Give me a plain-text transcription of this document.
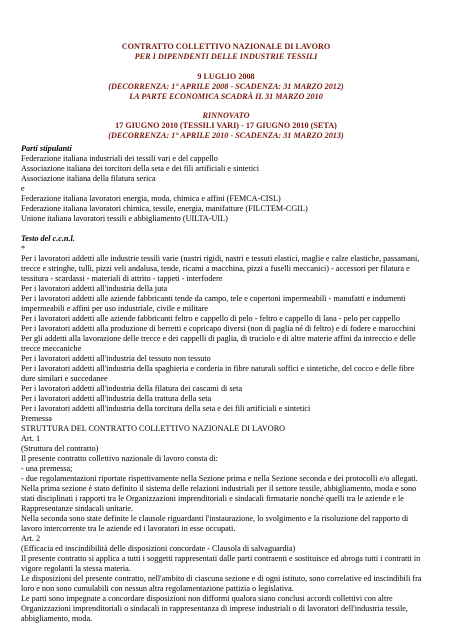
CONTRATTO COLLETTIVO NAZIONALE DI LAVORO
PER I DIPENDENTI DELLE INDUSTRIE TESSILI
9 LUGLIO 2008
(DECORRENZA: 1° APRILE 2008 - SCADENZA: 31 MARZO 2012)
LA PARTE ECONOMICA SCADRÀ IL 31 MARZO 2010
RINNOVATO
17 GIUGNO 2010 (TESSILI VARI) - 17 GIUGNO 2010 (SETA)
(DECORRENZA: 1° APRILE 2010 - SCADENZA: 31 MARZO 2013)
Parti stipulanti
Federazione italiana industriali dei tessili vari e del cappello
Associazione italiana dei torcitori della seta e dei fili artificiali e sintetici
Associazione italiana della filatura serica
e
Federazione italiana lavoratori energia, moda, chimica e affini (FEMCA-CISL)
Federazione italiana lavoratori chimica, tessile, energia, manifatture (FILCTEM-CGIL)
Unione italiana lavoratori tessili e abbigliamento (UILTA-UIL)
Testo del c.c.n.l.
*
Per i lavoratori addetti alle industrie tessili varie (nastri rigidi, nastri e tessuti elastici, maglie e calze elastiche, passamani,
trecce e stringhe, tulli, pizzi veli andalusa, tende, ricami a macchina, pizzi a fuselli meccanici) - accessori per filatura e
tessitura - scardassi - materiali di attrito - tappeti - interfodere
Per i lavoratori addetti all'industria della juta
Per i lavoratori addetti alle aziende fabbricanti tende da campo, tele e copertoni impermeabili - manufatti e indumenti
impermeabili e affini per uso industriale, civile e militare
Per i lavoratori addetti alle aziende fabbricanti feltro e cappello di pelo - feltro e cappello di lana - pelo per cappello
Per i lavoratori addetti alla produzione di berretti e copricapo diversi (non di paglia né di feltro) e di fodere e marocchini
Per gli addetti alla lavorazione delle trecce e dei cappelli di paglia, di truciolo e di altre materie affini da intreccio e delle
trecce meccaniche
Per i lavoratori addetti all'industria del tessuto non tessuto
Per i lavoratori addetti all'industria della spaghieria e corderia in fibre naturali soffici e sintetiche, del cocco e delle fibre
dure similari e succedanee
Per i lavoratori addetti all'industria della filatura dei cascami di seta
Per i lavoratori addetti all'industria della trattura della seta
Per i lavoratori addetti all'industria della torcitura della seta e dei fili artificiali e sintetici
Premessa
STRUTTURA DEL CONTRATTO COLLETTIVO NAZIONALE DI LAVORO
Art. 1
(Struttura del contratto)
Il presente contratto collettivo nazionale di lavoro consta di:
- una premessa;
- due regolamentazioni riportate rispettivamente nella Sezione prima e nella Sezione seconda e dei protocolli e/o allegati.
Nella prima sezione è stato definito il sistema delle relazioni industriali per il settore tessile, abbigliamento, moda e sono
stati disciplinati i rapporti tra le Organizzazioni imprenditoriali e sindacali firmatarie nonché quelli tra le aziende e le
Rappresentanze sindacali unitarie.
Nella seconda sono state definite le clausole riguardanti l'instaurazione, lo svolgimento e la risoluzione del rapporto di
lavoro intercorrente tra le aziende ed i lavoratori in esse occupati.
Art. 2
(Efficacia ed inscindibilità delle disposizioni concordate - Clausola di salvaguardia)
Il presente contratto si applica a tutti i soggetti rappresentati dalle parti contraenti e sostituisce ed abroga tutti i contratti in
vigore regolanti la stessa materia.
Le disposizioni del presente contratto, nell'ambito di ciascuna sezione e di ogni istituto, sono correlative ed inscindibili fra
loro e non sono cumulabili con nessun altra regolamentazione pattizia o legislativa.
Le parti sono impegnate a concordare disposizioni non difformi qualora siano conclusi accordi collettivi con altre
Organizzazioni imprenditoriali o sindacali in rappresentanza di imprese industriali o di lavoratori dell'industria tessile,
abbigliamento, moda.
